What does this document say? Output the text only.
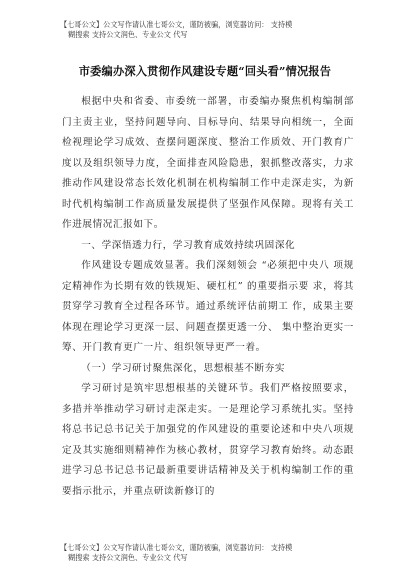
【七哥公文】公文写作请认准七哥公文，谨防被骗，浏览器访问： 支持模
糊搜索 支持公文润色、专业公文 代写
市委编办深入贯彻作风建设专题“回头看”情况报告

根据中央和省委、市委统一部署，市委编办聚焦机构编制部门主责主业，坚持问题导向、目标导向、结果导向相统一，全面检视理论学习成效、查摆问题深度、整治工作质效、开门教育广度以及组织领导力度，全面排查风险隐患，狠抓整改落实，力求推动作风建设常态长效化机制在机构编制工作中走深走实，为新时代机构编制工作高质量发展提供了坚强作风保障。现将有关工作进展情况汇报如下。

一、学深悟透力行，学习教育成效持续巩固深化

作风建设专题成效显著。我们深刻领会 “必须把中央八 项规定精神作为长期有效的铁规矩、硬杠杠” 的重要指示要 求，将其贯穿学习教育全过程各环节。通过系统评估前期工 作，成果主要体现在理论学习更深一层、问题查摆更透一分、 集中整治更实一筹、开门教育更广一片、组织领导更严一着。

（一）学习研讨聚焦深化，思想根基不断夯实

学习研讨是筑牢思想根基的关键环节。我们严格按照要求，多措并举推动学习研讨走深走实。一是理论学习系统扎实。坚持将总书记总书记关于加强党的作风建设的重要论述和中央八项规定及其实施细则精神作为核心教材，贯穿学习教育始终。动态跟进学习总书记总书记最新重要讲话精神及关于机构编制工作的重要指示批示，并重点研读新修订的

【七哥公文】公文写作请认准七哥公文，谨防被骗，浏览器访问： 支持模
糊搜索 支持公文润色、专业公文 代写
